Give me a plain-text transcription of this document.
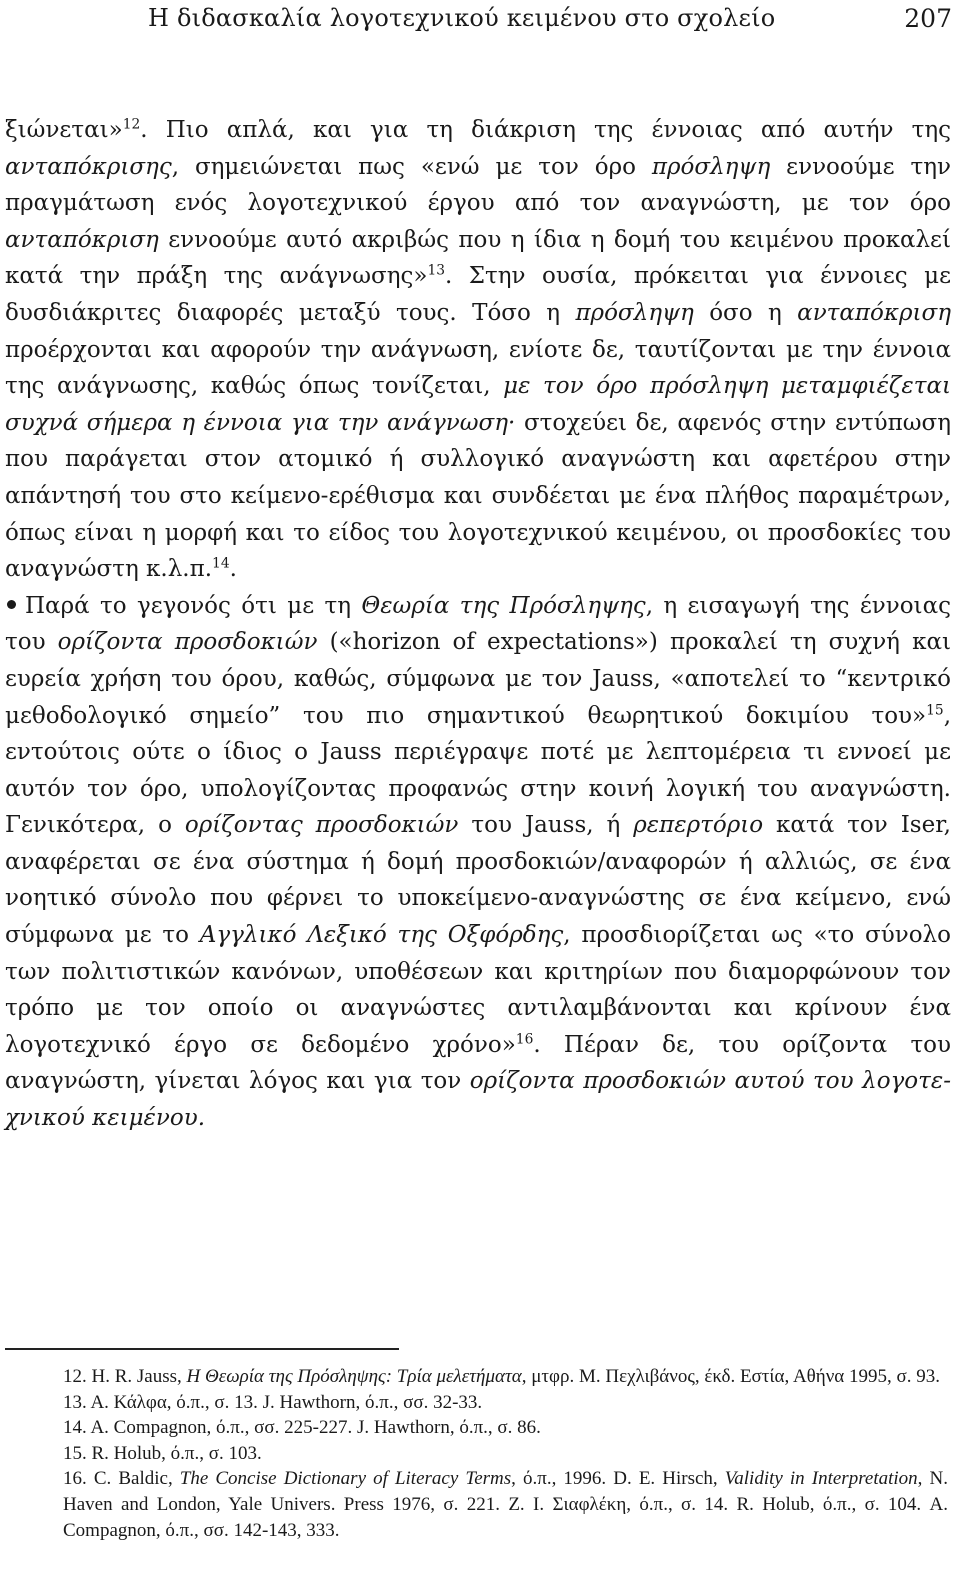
Η διδασκαλία λογοτεχνικού κειμένου στο σχολείο	207

ξιώνεται»$^{12}$. Πιο απλά, και για τη διάκριση της έννοιας από αυτήν της ανταπόκρισης, σημειώνεται πως «ενώ με τον όρο πρόσληψη εννοούμε την πραγμάτωση ενός λογοτεχνικού έργου από τον αναγνώστη, με τον όρο ανταπόκριση εννοούμε αυτό ακριβώς που η ίδια η δομή του κειμένου προκαλεί κατά την πράξη της ανάγνωσης»$^{13}$. Στην ουσία, πρόκειται για έννοιες με δυσδιάκριτες διαφορές μεταξύ τους. Τόσο η πρόσληψη όσο η ανταπόκριση προέρχονται και αφορούν την ανάγνωση, ενίοτε δε, ταυτίζονται με την έννοια της ανάγνωσης, καθώς όπως τονίζεται, με τον όρο πρόσληψη μεταμφιέζεται συχνά σήμερα η έννοια για την ανάγνωση· στοχεύει δε, αφενός στην εντύπωση που παράγεται στον ατομικό ή συλλογικό αναγνώστη και αφετέρου στην απάντησή του στο κείμενο-ερέθισμα και συνδέεται με ένα πλήθος παραμέτρων, όπως είναι η μορφή και το είδος του λογοτεχνικού κειμένου, οι προσδοκίες του αναγνώστη κ.λ.π.$^{14}$.

Παρά το γεγονός ότι με τη Θεωρία της Πρόσληψης, η εισαγωγή της έννοιας του ορίζοντα προσδοκιών («horizon of expectations») προκαλεί τη συχνή και ευρεία χρήση του όρου, καθώς, σύμφωνα με τον Jauss, «αποτελεί το “κεντρικό μεθοδολογικό σημείο” του πιο σημαντικού θεωρητικού δοκιμίου του»$^{15}$, εντούτοις ούτε ο ίδιος ο Jauss περιέγραψε ποτέ με λεπτομέρεια τι εννοεί με αυτόν τον όρο, υπολογίζοντας προφανώς στην κοινή λογική του αναγνώστη. Γενικότερα, ο ορίζοντας προσδοκιών του Jauss, ή ρεπερτόριο κατά τον Iser, αναφέρεται σε ένα σύστημα ή δομή προσδοκιών/αναφορών ή αλλιώς, σε ένα νοητικό σύνολο που φέρνει το υποκείμενο-αναγνώστης σε ένα κείμενο, ενώ σύμφωνα με το Αγγλικό Λεξικό της Οξφόρδης, προσδιορίζεται ως «το σύνολο των πολιτιστικών κανόνων, υποθέσεων και κριτηρίων που διαμορφώνουν τον τρόπο με τον οποίο οι αναγνώστες αντιλαμβάνονται και κρίνουν ένα λογοτεχνικό έργο σε δεδομένο χρόνο»$^{16}$. Πέραν δε, του ορίζοντα του αναγνώστη, γίνεται λόγος και για τον ορίζοντα προσδοκιών αυτού του λογοτεχνικού κειμένου.

12. H. R. Jauss, Η Θεωρία της Πρόσληψης: Τρία μελετήματα, μτφρ. Μ. Πεχλιβάνος, έκδ. Εστία, Αθήνα 1995, σ. 93.

13. Α. Κάλφα, ό.π., σ. 13. J. Hawthorn, ό.π., σσ. 32-33.

14. A. Compagnon, ό.π., σσ. 225-227. J. Hawthorn, ό.π., σ. 86.

15. R. Holub, ό.π., σ. 103.

16. C. Baldic, The Concise Dictionary of Literacy Terms, ό.π., 1996. D. E. Hirsch, Validity in Interpretation, N. Haven and London, Yale Univers. Press 1976, σ. 221. Ζ. Ι. Σιαφλέκη, ό.π., σ. 14. R. Holub, ό.π., σ. 104. A. Compagnon, ό.π., σσ. 142-143, 333.
